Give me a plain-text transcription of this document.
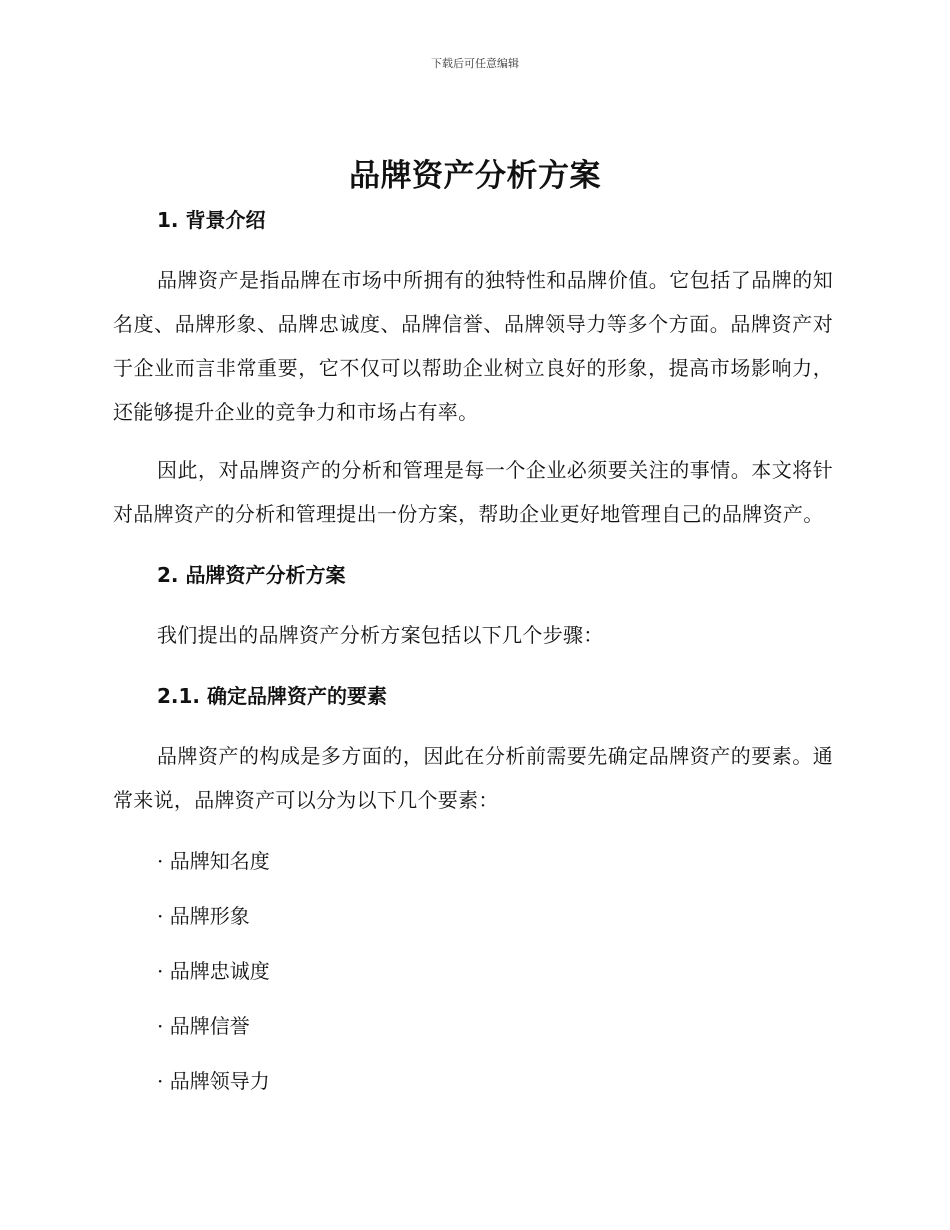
下载后可任意编辑
品牌资产分析方案
1. 背景介绍

品牌资产是指品牌在市场中所拥有的独特性和品牌价值。它包括了品牌的知名度、品牌形象、品牌忠诚度、品牌信誉、品牌领导力等多个方面。品牌资产对于企业而言非常重要，它不仅可以帮助企业树立良好的形象，提高市场影响力，还能够提升企业的竞争力和市场占有率。

因此，对品牌资产的分析和管理是每一个企业必须要关注的事情。本文将针对品牌资产的分析和管理提出一份方案，帮助企业更好地管理自己的品牌资产。

2. 品牌资产分析方案

我们提出的品牌资产分析方案包括以下几个步骤：

2.1. 确定品牌资产的要素

品牌资产的构成是多方面的，因此在分析前需要先确定品牌资产的要素。通常来说，品牌资产可以分为以下几个要素：

· 品牌知名度
· 品牌形象
· 品牌忠诚度
· 品牌信誉
· 品牌领导力
